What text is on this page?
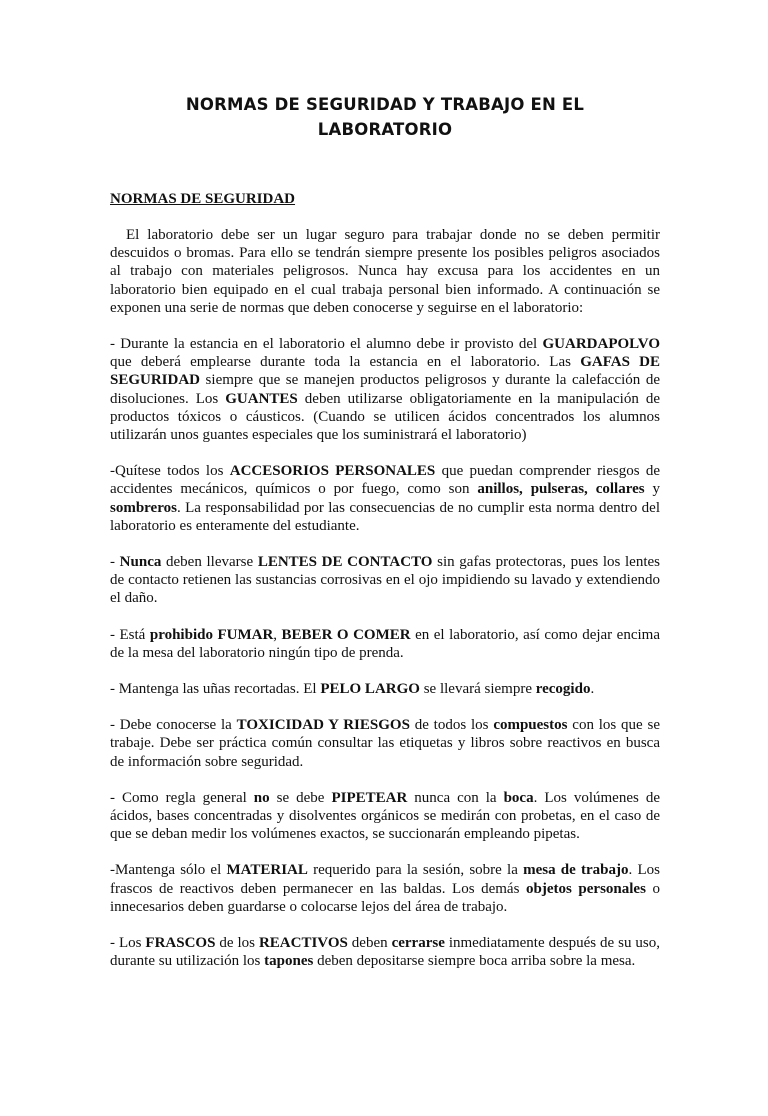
NORMAS DE SEGURIDAD Y TRABAJO EN EL
LABORATORIO
NORMAS DE SEGURIDAD

El laboratorio debe ser un lugar seguro para trabajar donde no se deben permitir descuidos o bromas. Para ello se tendrán siempre presente los posibles peligros asociados al trabajo con materiales peligrosos. Nunca hay excusa para los accidentes en un laboratorio bien equipado en el cual trabaja personal bien informado. A continuación se exponen una serie de normas que deben conocerse y seguirse en el laboratorio:

- Durante la estancia en el laboratorio el alumno debe ir provisto del GUARDAPOLVO que deberá emplearse durante toda la estancia en el laboratorio. Las GAFAS DE SEGURIDAD siempre que se manejen productos peligrosos y durante la calefacción de disoluciones. Los GUANTES deben utilizarse obligatoriamente en la manipulación de productos tóxicos o cáusticos. (Cuando se utilicen ácidos concentrados los alumnos utilizarán unos guantes especiales que los suministrará el laboratorio)

-Quítese todos los ACCESORIOS PERSONALES que puedan comprender riesgos de accidentes mecánicos, químicos o por fuego, como son anillos, pulseras, collares y sombreros. La responsabilidad por las consecuencias de no cumplir esta norma dentro del laboratorio es enteramente del estudiante.

- Nunca deben llevarse LENTES DE CONTACTO sin gafas protectoras, pues los lentes de contacto retienen las sustancias corrosivas en el ojo impidiendo su lavado y extendiendo el daño.

- Está prohibido FUMAR, BEBER O COMER en el laboratorio, así como dejar encima de la mesa del laboratorio ningún tipo de prenda.

- Mantenga las uñas recortadas. El PELO LARGO se llevará siempre recogido.

- Debe conocerse la TOXICIDAD Y RIESGOS de todos los compuestos con los que se trabaje. Debe ser práctica común consultar las etiquetas y libros sobre reactivos en busca de información sobre seguridad.

- Como regla general no se debe PIPETEAR nunca con la boca. Los volúmenes de ácidos, bases concentradas y disolventes orgánicos se medirán con probetas, en el caso de que se deban medir los volúmenes exactos, se succionarán empleando pipetas.

-Mantenga sólo el MATERIAL requerido para la sesión, sobre la mesa de trabajo. Los frascos de reactivos deben permanecer en las baldas. Los demás objetos personales o innecesarios deben guardarse o colocarse lejos del área de trabajo.

- Los FRASCOS de los REACTIVOS deben cerrarse inmediatamente después de su uso, durante su utilización los tapones deben depositarse siempre boca arriba sobre la mesa.
